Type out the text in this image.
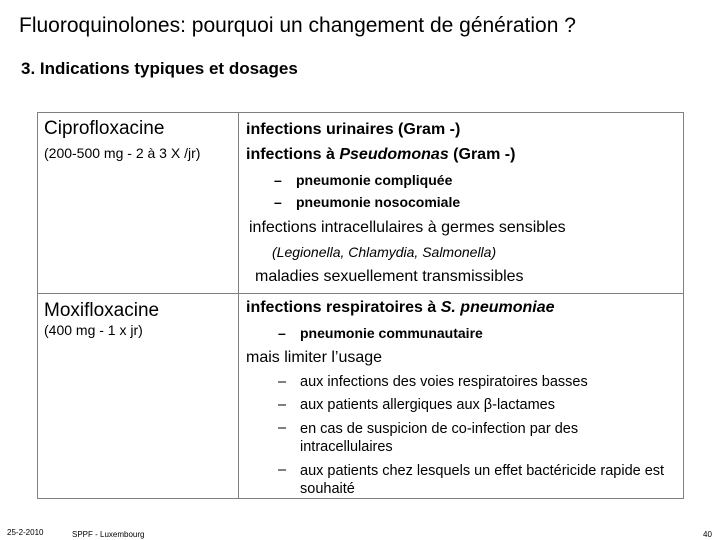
Fluoroquinolones: pourquoi un changement de génération ?
3. Indications typiques et dosages
Ciprofloxacine
(200-500 mg - 2 à 3 X /jr)
infections urinaires (Gram -)
infections à Pseudomonas (Gram -)
– pneumonie compliquée
– pneumonie nosocomiale
infections intracellulaires à germes sensibles
(Legionella, Chlamydia, Salmonella)
maladies sexuellement transmissibles
Moxifloxacine
(400 mg - 1 x jr)
infections respiratoires à S. pneumoniae
– pneumonie communautaire
mais limiter l’usage
– aux infections des voies respiratoires basses
– aux patients allergiques aux β-lactames
– en cas de suspicion de co-infection par des intracellulaires
– aux patients chez lesquels un effet bactéricide rapide est souhaité
25-2-2010	SPPF - Luxembourg	40
